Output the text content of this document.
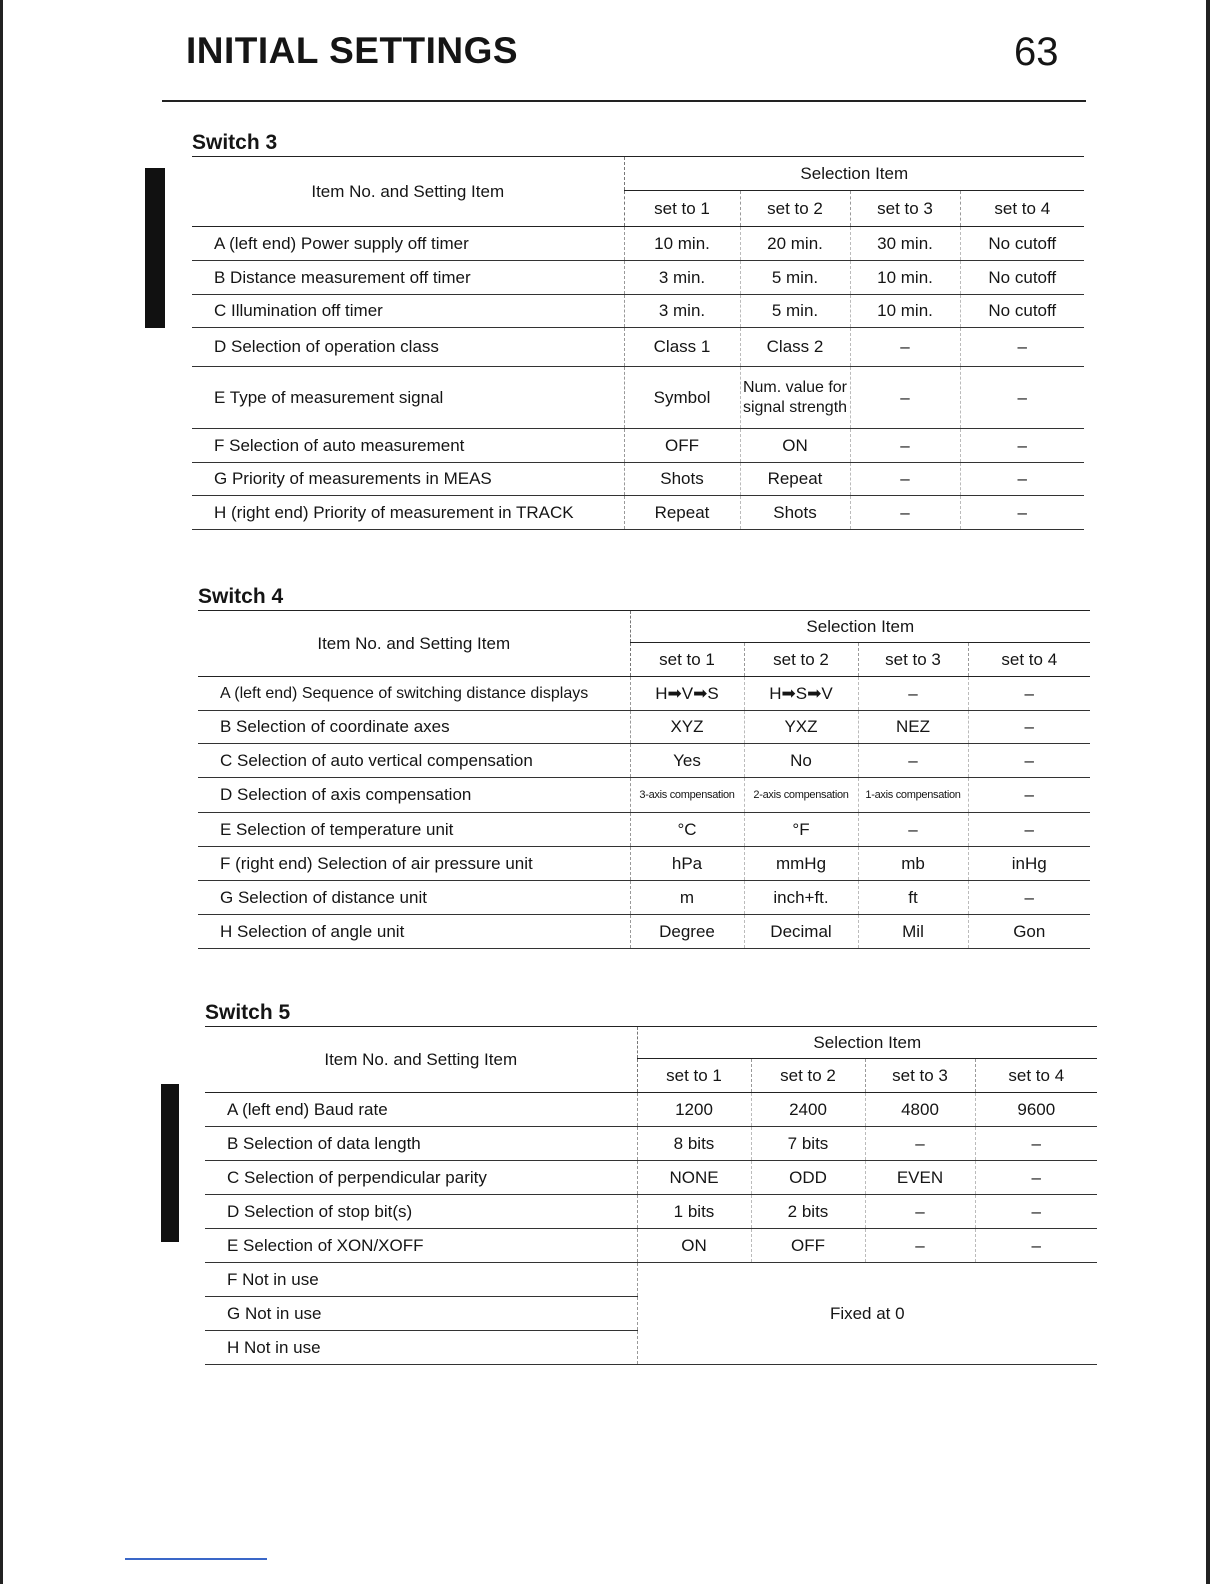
INITIAL SETTINGS	63
Switch 3
Item No. and Setting Item	Selection Item			
	set to 1	set to 2	set to 3	set to 4
A (left end) Power supply off timer	10 min.	20 min.	30 min.	No cutoff
B Distance measurement off timer	3 min.	5 min.	10 min.	No cutoff
C Illumination off timer	3 min.	5 min.	10 min.	No cutoff
D Selection of operation class	Class 1	Class 2	–	–
E Type of measurement signal	Symbol	Num. value for signal strength	–	–
F Selection of auto measurement	OFF	ON	–	–
G Priority of measurements in MEAS	Shots	Repeat	–	–
H (right end) Priority of measurement in TRACK	Repeat	Shots	–	–
Switch 4
Item No. and Setting Item	Selection Item			
	set to 1	set to 2	set to 3	set to 4
A (left end) Sequence of switching distance displays	H➡V➡S	H➡S➡V	–	–
B Selection of coordinate axes	XYZ	YXZ	NEZ	–
C Selection of auto vertical compensation	Yes	No	–	–
D Selection of axis compensation	3-axis compensation	2-axis compensation	1-axis compensation	–
E Selection of temperature unit	°C	°F	–	–
F (right end) Selection of air pressure unit	hPa	mmHg	mb	inHg
G Selection of distance unit	m	inch+ft.	ft	–
H Selection of angle unit	Degree	Decimal	Mil	Gon
Switch 5
Item No. and Setting Item	Selection Item			
	set to 1	set to 2	set to 3	set to 4
A (left end) Baud rate	1200	2400	4800	9600
B Selection of data length	8 bits	7 bits	–	–
C Selection of perpendicular parity	NONE	ODD	EVEN	–
D Selection of stop bit(s)	1 bits	2 bits	–	–
E Selection of XON/XOFF	ON	OFF	–	–
F Not in use	Fixed at 0			
G Not in use				
H Not in use				
